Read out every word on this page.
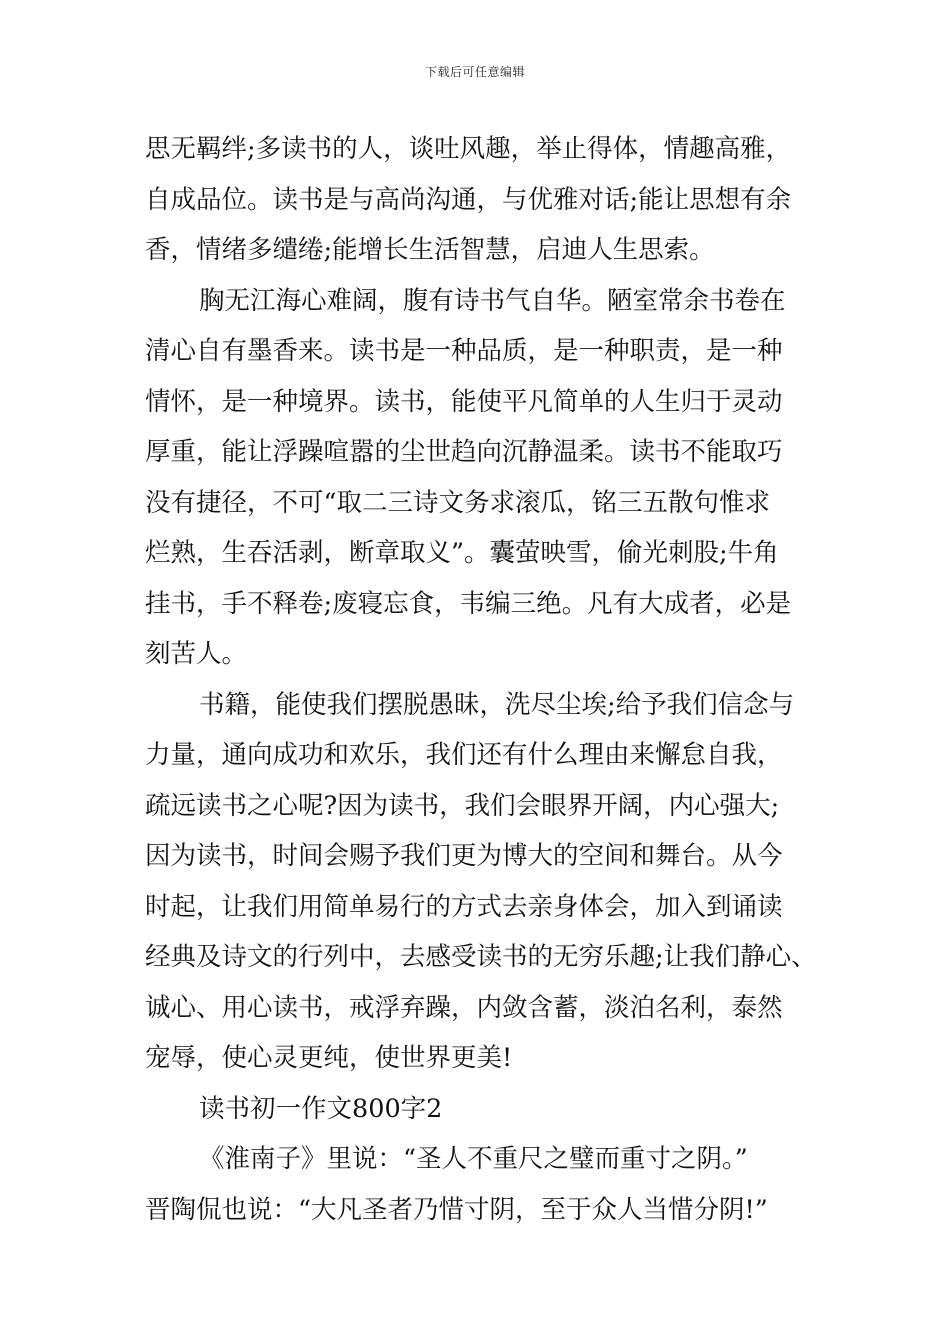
下载后可任意编辑
思无羁绊;多读书的人，谈吐风趣，举止得体，情趣高雅，
自成品位。读书是与高尚沟通，与优雅对话;能让思想有余
香，情绪多缱绻;能增长生活智慧，启迪人生思索。
胸无江海心难阔，腹有诗书气自华。陋室常余书卷在
清心自有墨香来。读书是一种品质，是一种职责，是一种
情怀，是一种境界。读书，能使平凡简单的人生归于灵动
厚重，能让浮躁喧嚣的尘世趋向沉静温柔。读书不能取巧
没有捷径，不可“取二三诗文务求滚瓜，铭三五散句惟求
烂熟，生吞活剥，断章取义”。囊萤映雪，偷光刺股;牛角
挂书，手不释卷;废寝忘食，韦编三绝。凡有大成者，必是
刻苦人。
书籍，能使我们摆脱愚昧，洗尽尘埃;给予我们信念与
力量，通向成功和欢乐，我们还有什么理由来懈怠自我，
疏远读书之心呢?因为读书，我们会眼界开阔，内心强大;
因为读书，时间会赐予我们更为博大的空间和舞台。从今
时起，让我们用简单易行的方式去亲身体会，加入到诵读
经典及诗文的行列中，去感受读书的无穷乐趣;让我们静心、
诚心、用心读书，戒浮弃躁，内敛含蓄，淡泊名利，泰然
宠辱，使心灵更纯，使世界更美!
读书初一作文800字2
《淮南子》里说：“圣人不重尺之璧而重寸之阴。”
晋陶侃也说：“大凡圣者乃惜寸阴，至于众人当惜分阴!”
